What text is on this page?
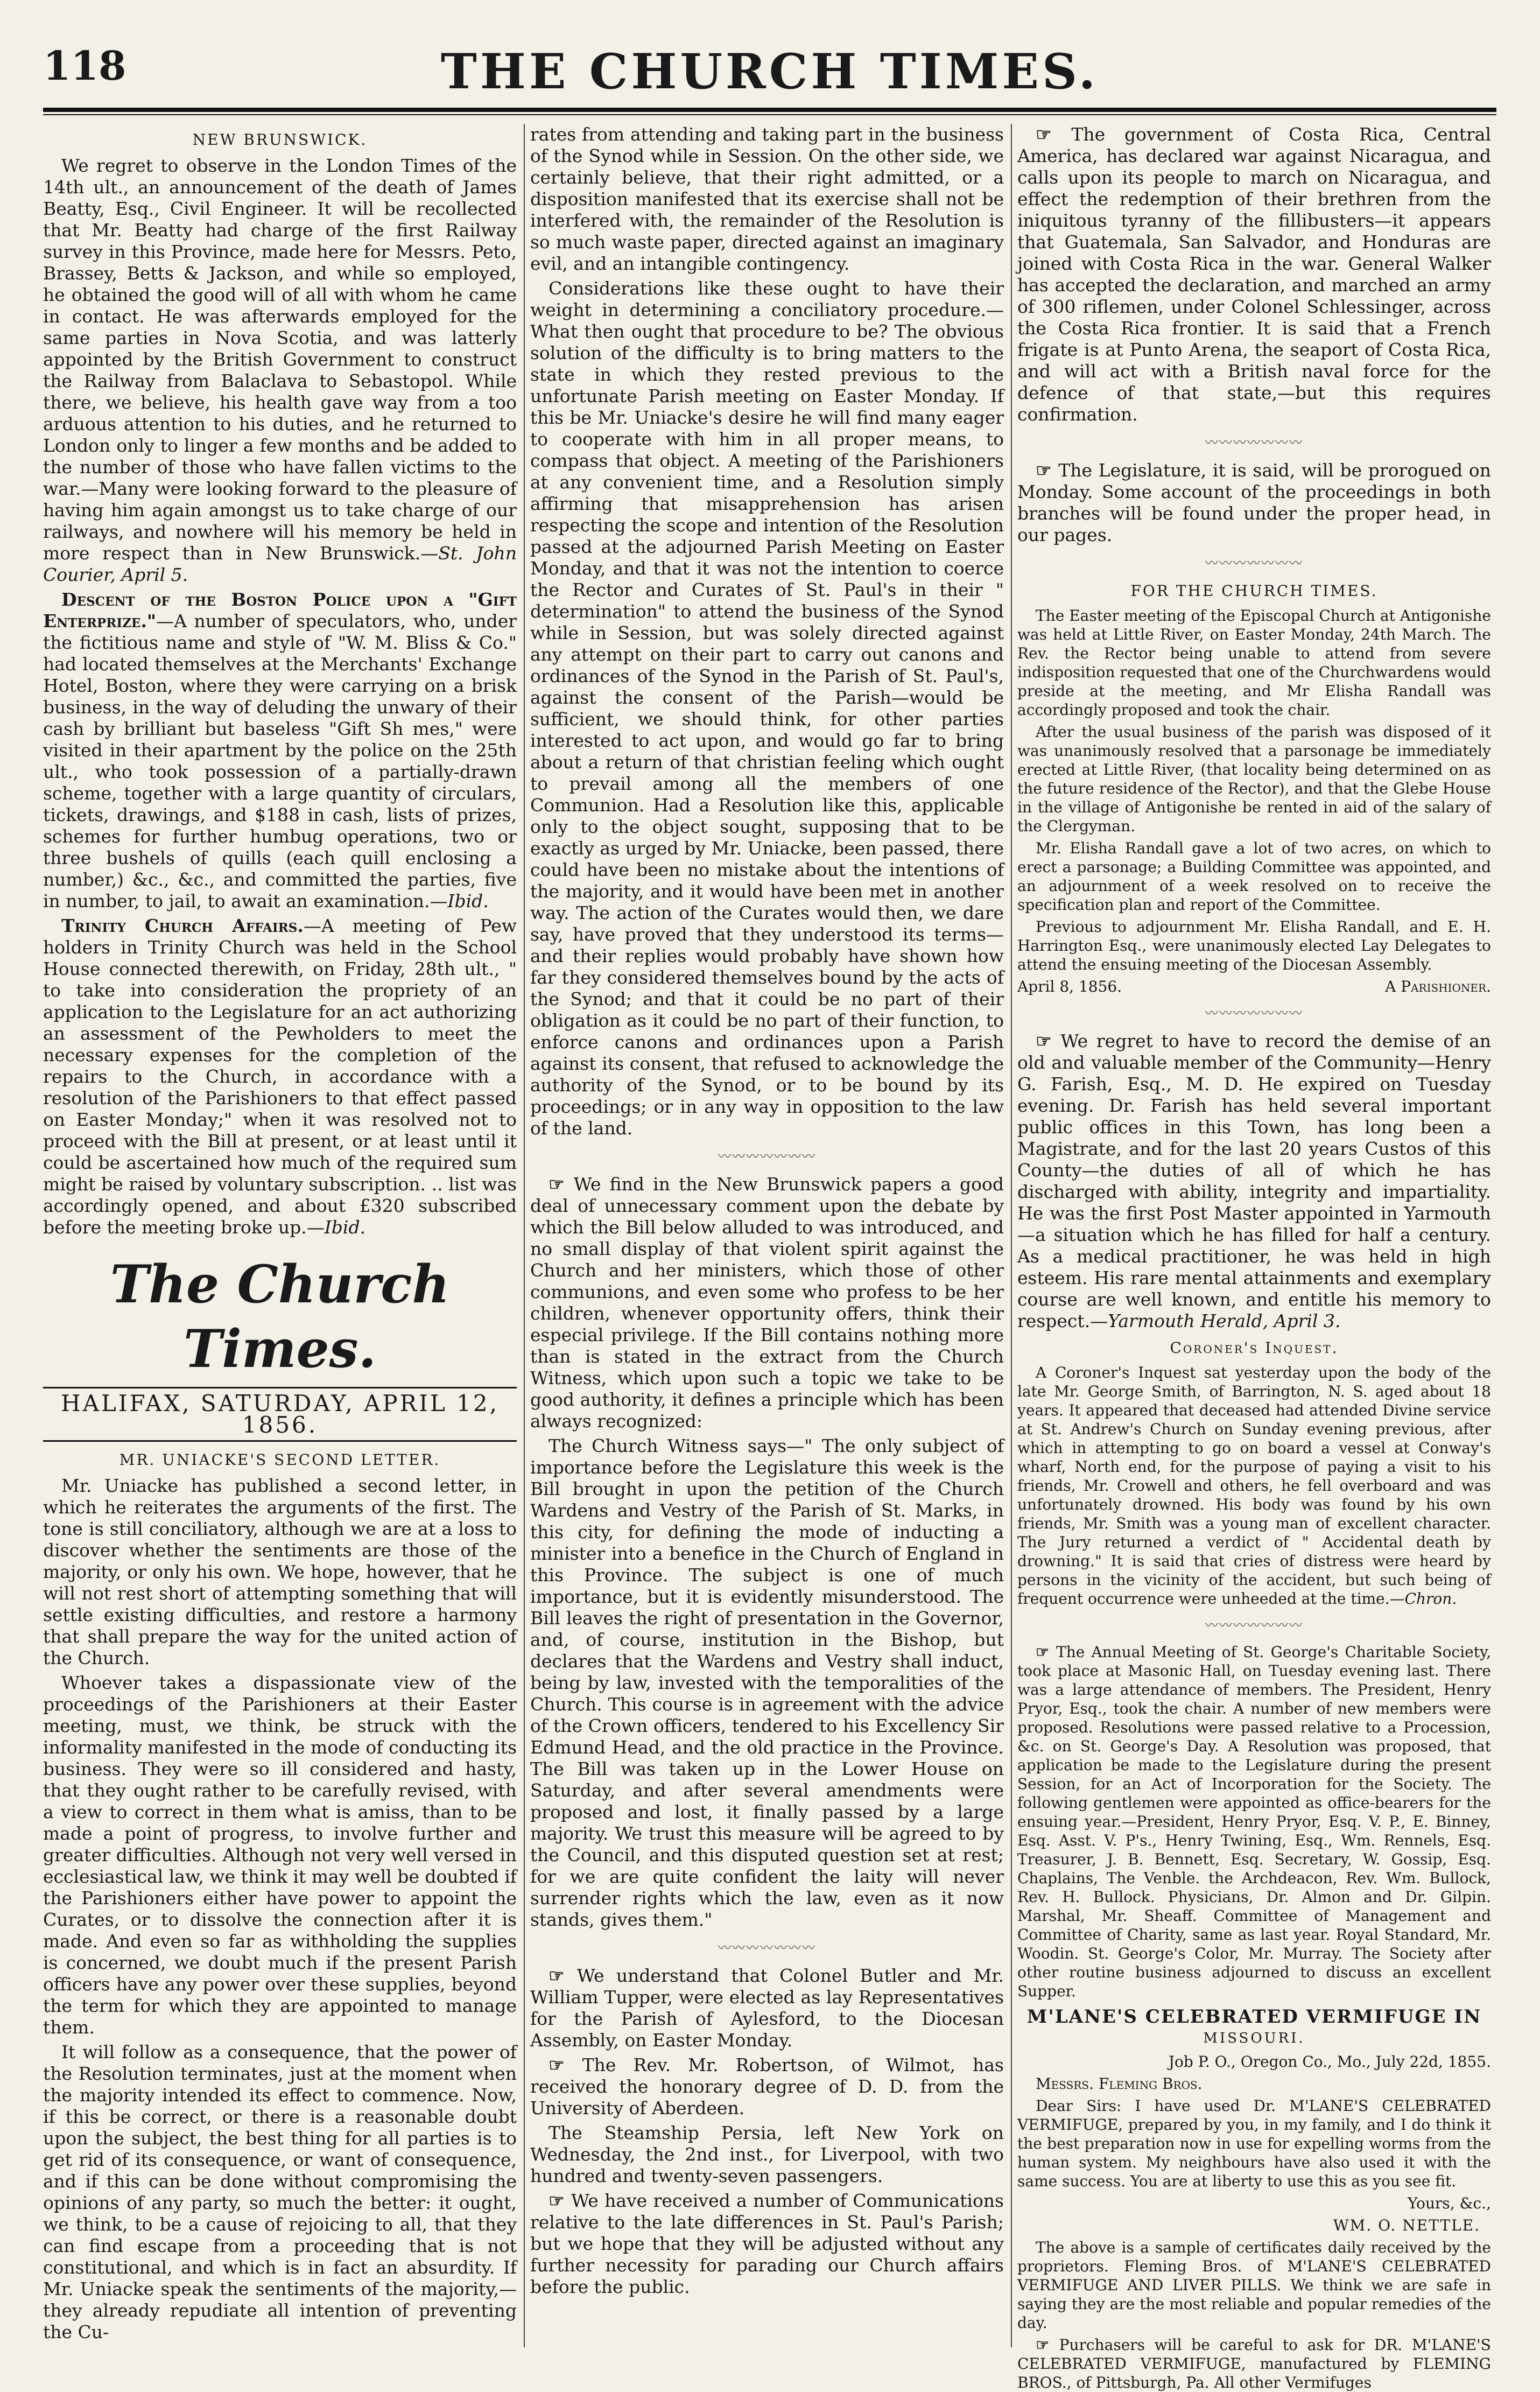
118	THE CHURCH TIMES.
NEW BRUNSWICK.

We regret to observe in the London Times of the 14th ult., an announcement of the death of James Beatty, Esq., Civil Engineer. It will be recollected that Mr. Beatty had charge of the first Railway survey in this Province, made here for Messrs. Peto, Brassey, Betts & Jackson, and while so employed, he obtained the good will of all with whom he came in contact. He was afterwards employed for the same parties in Nova Scotia, and was latterly appointed by the British Government to construct the Railway from Balaclava to Sebastopol. While there, we believe, his health gave way from a too arduous attention to his duties, and he returned to London only to linger a few months and be added to the number of those who have fallen victims to the war.—Many were looking forward to the pleasure of having him again amongst us to take charge of our railways, and nowhere will his memory be held in more respect than in New Brunswick.—St. John Courier, April 5.

Descent of the Boston Police upon a "Gift Enterprize."—A number of speculators, who, under the fictitious name and style of "W. M. Bliss & Co." had located themselves at the Merchants' Exchange Hotel, Boston, where they were carrying on a brisk business, in the way of deluding the unwary of their cash by brilliant but baseless "Gift Sh mes," were visited in their apartment by the police on the 25th ult., who took possession of a partially-drawn scheme, together with a large quantity of circulars, tickets, drawings, and $188 in cash, lists of prizes, schemes for further humbug operations, two or three bushels of quills (each quill enclosing a number,) &c., &c., and committed the parties, five in number, to jail, to await an examination.—Ibid.

Trinity Church Affairs.—A meeting of Pew holders in Trinity Church was held in the School House connected therewith, on Friday, 28th ult., " to take into consideration the propriety of an application to the Legislature for an act authorizing an assessment of the Pewholders to meet the necessary expenses for the completion of the repairs to the Church, in accordance with a resolution of the Parishioners to that effect passed on Easter Monday;" when it was resolved not to proceed with the Bill at present, or at least until it could be ascertained how much of the required sum might be raised by voluntary subscription. .. list was accordingly opened, and about £320 subscribed before the meeting broke up.—Ibid.

The Church Times.
HALIFAX, SATURDAY, APRIL 12, 1856.
MR. UNIACKE'S SECOND LETTER.

Mr. Uniacke has published a second letter, in which he reiterates the arguments of the first. The tone is still conciliatory, although we are at a loss to discover whether the sentiments are those of the majority, or only his own. We hope, however, that he will not rest short of attempting something that will settle existing difficulties, and restore a harmony that shall prepare the way for the united action of the Church.

Whoever takes a dispassionate view of the proceedings of the Parishioners at their Easter meeting, must, we think, be struck with the informality manifested in the mode of conducting its business. They were so ill considered and hasty, that they ought rather to be carefully revised, with a view to correct in them what is amiss, than to be made a point of progress, to involve further and greater difficulties. Although not very well versed in ecclesiastical law, we think it may well be doubted if the Parishioners either have power to appoint the Curates, or to dissolve the connection after it is made. And even so far as withholding the supplies is concerned, we doubt much if the present Parish officers have any power over these supplies, beyond the term for which they are appointed to manage them.

It will follow as a consequence, that the power of the Resolution terminates, just at the moment when the majority intended its effect to commence. Now, if this be correct, or there is a reasonable doubt upon the subject, the best thing for all parties is to get rid of its consequence, or want of consequence, and if this can be done without compromising the opinions of any party, so much the better: it ought, we think, to be a cause of rejoicing to all, that they can find escape from a proceeding that is not constitutional, and which is in fact an absurdity. If Mr. Uniacke speak the sentiments of the majority,—they already repudiate all intention of preventing the Cu-

rates from attending and taking part in the business of the Synod while in Session. On the other side, we certainly believe, that their right admitted, or a disposition manifested that its exercise shall not be interfered with, the remainder of the Resolution is so much waste paper, directed against an imaginary evil, and an intangible contingency.

Considerations like these ought to have their weight in determining a conciliatory procedure.—What then ought that procedure to be? The obvious solution of the difficulty is to bring matters to the state in which they rested previous to the unfortunate Parish meeting on Easter Monday. If this be Mr. Uniacke's desire he will find many eager to cooperate with him in all proper means, to compass that object. A meeting of the Parishioners at any convenient time, and a Resolution simply affirming that misapprehension has arisen respecting the scope and intention of the Resolution passed at the adjourned Parish Meeting on Easter Monday, and that it was not the intention to coerce the Rector and Curates of St. Paul's in their " determination" to attend the business of the Synod while in Session, but was solely directed against any attempt on their part to carry out canons and ordinances of the Synod in the Parish of St. Paul's, against the consent of the Parish—would be sufficient, we should think, for other parties interested to act upon, and would go far to bring about a return of that christian feeling which ought to prevail among all the members of one Communion. Had a Resolution like this, applicable only to the object sought, supposing that to be exactly as urged by Mr. Uniacke, been passed, there could have been no mistake about the intentions of the majority, and it would have been met in another way. The action of the Curates would then, we dare say, have proved that they understood its terms—and their replies would probably have shown how far they considered themselves bound by the acts of the Synod; and that it could be no part of their obligation as it could be no part of their function, to enforce canons and ordinances upon a Parish against its consent, that refused to acknowledge the authority of the Synod, or to be bound by its proceedings; or in any way in opposition to the law of the land.

〰〰〰〰〰〰〰

☞ We find in the New Brunswick papers a good deal of unnecessary comment upon the debate by which the Bill below alluded to was introduced, and no small display of that violent spirit against the Church and her ministers, which those of other communions, and even some who profess to be her children, whenever opportunity offers, think their especial privilege. If the Bill contains nothing more than is stated in the extract from the Church Witness, which upon such a topic we take to be good authority, it defines a principle which has been always recognized:

The Church Witness says—" The only subject of importance before the Legislature this week is the Bill brought in upon the petition of the Church Wardens and Vestry of the Parish of St. Marks, in this city, for defining the mode of inducting a minister into a benefice in the Church of England in this Province. The subject is one of much importance, but it is evidently misunderstood. The Bill leaves the right of presentation in the Governor, and, of course, institution in the Bishop, but declares that the Wardens and Vestry shall induct, being by law, invested with the temporalities of the Church. This course is in agreement with the advice of the Crown officers, tendered to his Excellency Sir Edmund Head, and the old practice in the Province. The Bill was taken up in the Lower House on Saturday, and after several amendments were proposed and lost, it finally passed by a large majority. We trust this measure will be agreed to by the Council, and this disputed question set at rest; for we are quite confident the laity will never surrender rights which the law, even as it now stands, gives them."

〰〰〰〰〰〰〰

☞ We understand that Colonel Butler and Mr. William Tupper, were elected as lay Representatives for the Parish of Aylesford, to the Diocesan Assembly, on Easter Monday.

☞ The Rev. Mr. Robertson, of Wilmot, has received the honorary degree of D. D. from the University of Aberdeen.

The Steamship Persia, left New York on Wednesday, the 2nd inst., for Liverpool, with two hundred and twenty-seven passengers.

☞ We have received a number of Communications relative to the late differences in St. Paul's Parish; but we hope that they will be adjusted without any further necessity for parading our Church affairs before the public.

☞ The government of Costa Rica, Central America, has declared war against Nicaragua, and calls upon its people to march on Nicaragua, and effect the redemption of their brethren from the iniquitous tyranny of the fillibusters—it appears that Guatemala, San Salvador, and Honduras are joined with Costa Rica in the war. General Walker has accepted the declaration, and marched an army of 300 riflemen, under Colonel Schlessinger, across the Costa Rica frontier. It is said that a French frigate is at Punto Arena, the seaport of Costa Rica, and will act with a British naval force for the defence of that state,—but this requires confirmation.

〰〰〰〰〰〰〰

☞ The Legislature, it is said, will be prorogued on Monday. Some account of the proceedings in both branches will be found under the proper head, in our pages.

〰〰〰〰〰〰〰
FOR THE CHURCH TIMES.

The Easter meeting of the Episcopal Church at Antigonishe was held at Little River, on Easter Monday, 24th March. The Rev. the Rector being unable to attend from severe indisposition requested that one of the Churchwardens would preside at the meeting, and Mr Elisha Randall was accordingly proposed and took the chair.

After the usual business of the parish was disposed of it was unanimously resolved that a parsonage be immediately erected at Little River, (that locality being determined on as the future residence of the Rector), and that the Glebe House in the village of Antigonishe be rented in aid of the salary of the Clergyman.

Mr. Elisha Randall gave a lot of two acres, on which to erect a parsonage; a Building Committee was appointed, and an adjournment of a week resolved on to receive the specification plan and report of the Committee.

Previous to adjournment Mr. Elisha Randall, and E. H. Harrington Esq., were unanimously elected Lay Delegates to attend the ensuing meeting of the Diocesan Assembly.

April 8, 1856.	A Parishioner.

〰〰〰〰〰〰〰

☞ We regret to have to record the demise of an old and valuable member of the Community—Henry G. Farish, Esq., M. D. He expired on Tuesday evening. Dr. Farish has held several important public offices in this Town, has long been a Magistrate, and for the last 20 years Custos of this County—the duties of all of which he has discharged with ability, integrity and impartiality. He was the first Post Master appointed in Yarmouth—a situation which he has filled for half a century. As a medical practitioner, he was held in high esteem. His rare mental attainments and exemplary course are well known, and entitle his memory to respect.—Yarmouth Herald, April 3.

Coroner's Inquest.

A Coroner's Inquest sat yesterday upon the body of the late Mr. George Smith, of Barrington, N. S. aged about 18 years. It appeared that deceased had attended Divine service at St. Andrew's Church on Sunday evening previous, after which in attempting to go on board a vessel at Conway's wharf, North end, for the purpose of paying a visit to his friends, Mr. Crowell and others, he fell overboard and was unfortunately drowned. His body was found by his own friends, Mr. Smith was a young man of excellent character. The Jury returned a verdict of " Accidental death by drowning." It is said that cries of distress were heard by persons in the vicinity of the accident, but such being of frequent occurrence were unheeded at the time.—Chron.

〰〰〰〰〰〰〰

☞ The Annual Meeting of St. George's Charitable Society, took place at Masonic Hall, on Tuesday evening last. There was a large attendance of members. The President, Henry Pryor, Esq., took the chair. A number of new members were proposed. Resolutions were passed relative to a Procession, &c. on St. George's Day. A Resolution was proposed, that application be made to the Legislature during the present Session, for an Act of Incorporation for the Society. The following gentlemen were appointed as office-bearers for the ensuing year.—President, Henry Pryor, Esq. V. P., E. Binney, Esq. Asst. V. P's., Henry Twining, Esq., Wm. Rennels, Esq. Treasurer, J. B. Bennett, Esq. Secretary, W. Gossip, Esq. Chaplains, The Venble. the Archdeacon, Rev. Wm. Bullock, Rev. H. Bullock. Physicians, Dr. Almon and Dr. Gilpin. Marshal, Mr. Sheaff. Committee of Management and Committee of Charity, same as last year. Royal Standard, Mr. Woodin. St. George's Color, Mr. Murray. The Society after other routine business adjourned to discuss an excellent Supper.

M'LANE'S CELEBRATED VERMIFUGE IN
MISSOURI.

Job P. O., Oregon Co., Mo., July 22d, 1855.

Messrs. Fleming Bros.

Dear Sirs: I have used Dr. M'LANE'S CELEBRATED VERMIFUGE, prepared by you, in my family, and I do think it the best preparation now in use for expelling worms from the human system. My neighbours have also used it with the same success. You are at liberty to use this as you see fit.

Yours, &c.,

WM. O. NETTLE.

The above is a sample of certificates daily received by the proprietors. Fleming Bros. of M'LANE'S CELEBRATED VERMIFUGE AND LIVER PILLS. We think we are safe in saying they are the most reliable and popular remedies of the day.

☞ Purchasers will be careful to ask for DR. M'LANE'S CELEBRATED VERMIFUGE, manufactured by FLEMING BROS., of Pittsburgh, Pa. All other Vermifuges
